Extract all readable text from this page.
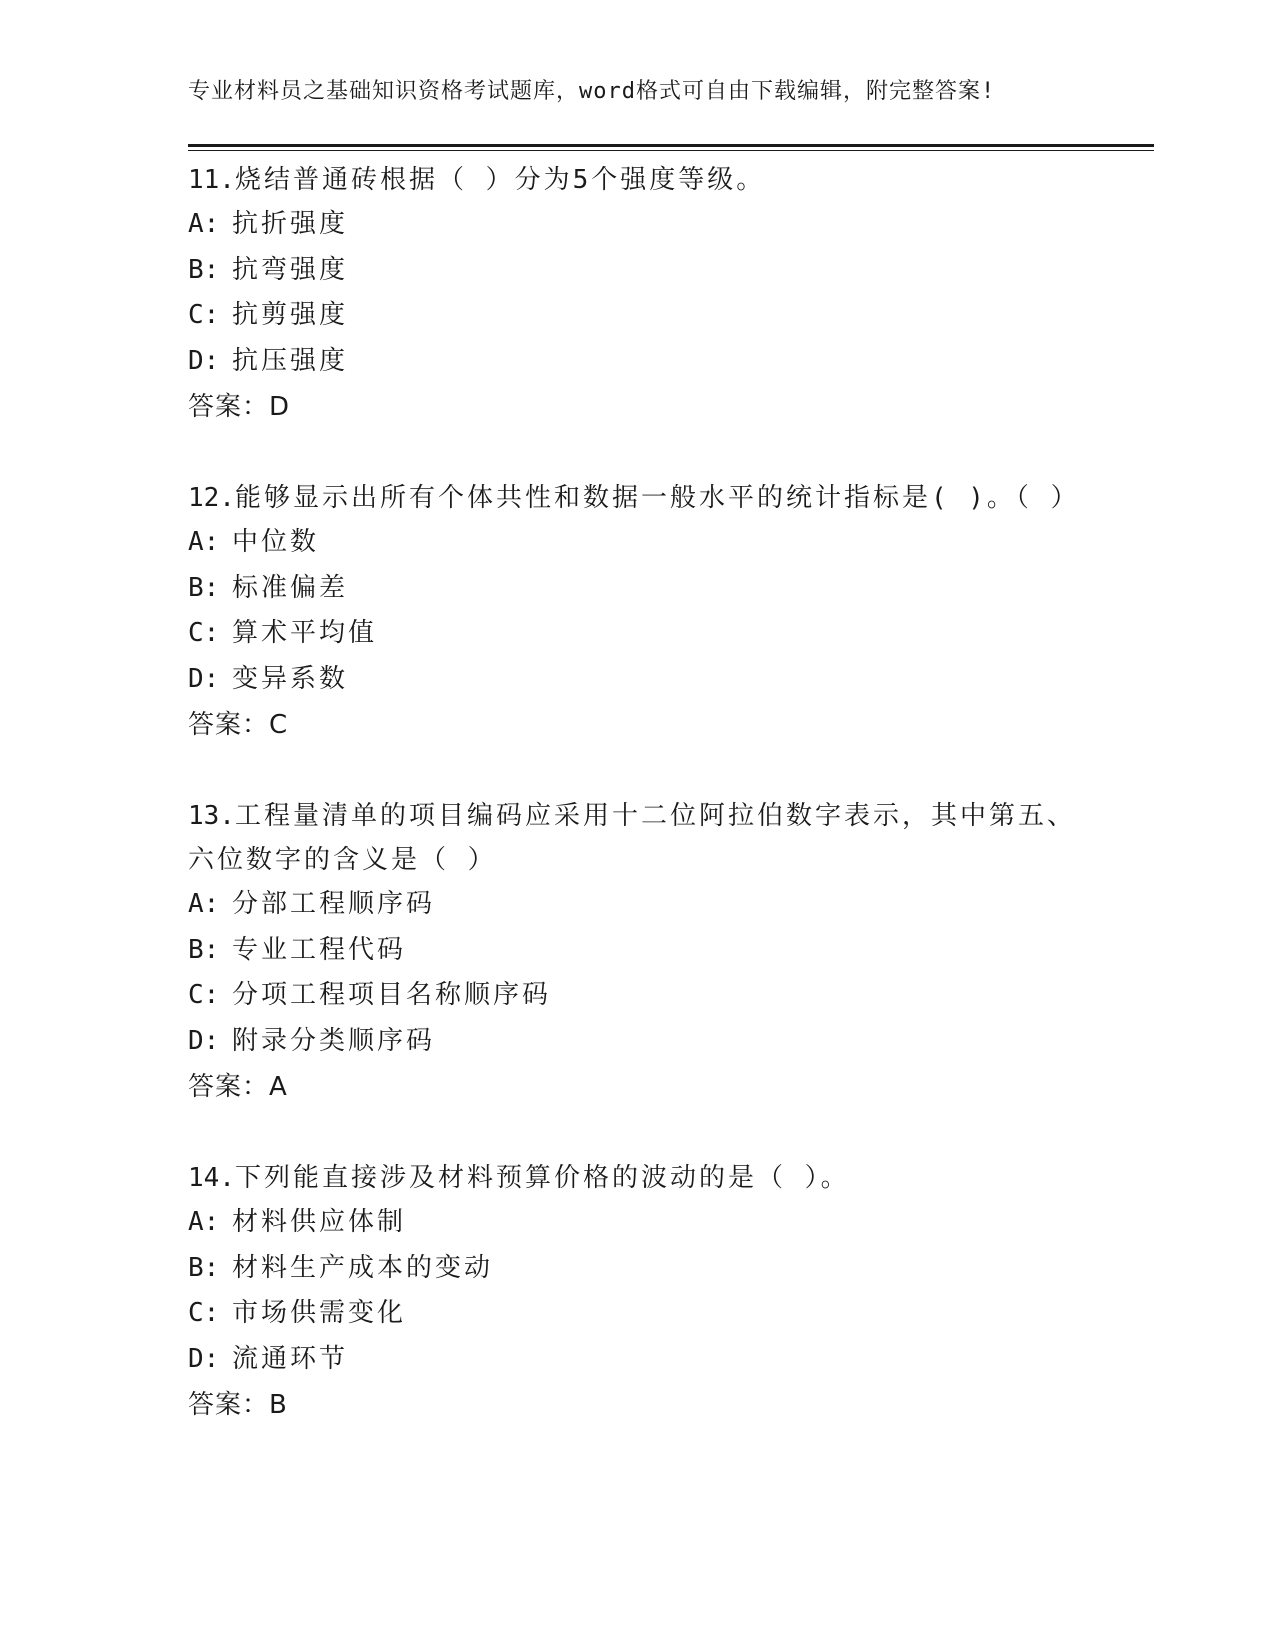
专业材料员之基础知识资格考试题库，word格式可自由下载编辑，附完整答案!

11.烧结普通砖根据（ ）分为5个强度等级。

A: 抗折强度

B: 抗弯强度

C: 抗剪强度

D: 抗压强度

答案：D

12.能够显示出所有个体共性和数据一般水平的统计指标是( )。（ ）

A: 中位数

B: 标准偏差

C: 算术平均值

D: 变异系数

答案：C

13.工程量清单的项目编码应采用十二位阿拉伯数字表示，其中第五、六位数字的含义是（ ）

A: 分部工程顺序码

B: 专业工程代码

C: 分项工程项目名称顺序码

D: 附录分类顺序码

答案：A

14.下列能直接涉及材料预算价格的波动的是（ ）。

A: 材料供应体制

B: 材料生产成本的变动

C: 市场供需变化

D: 流通环节

答案：B
